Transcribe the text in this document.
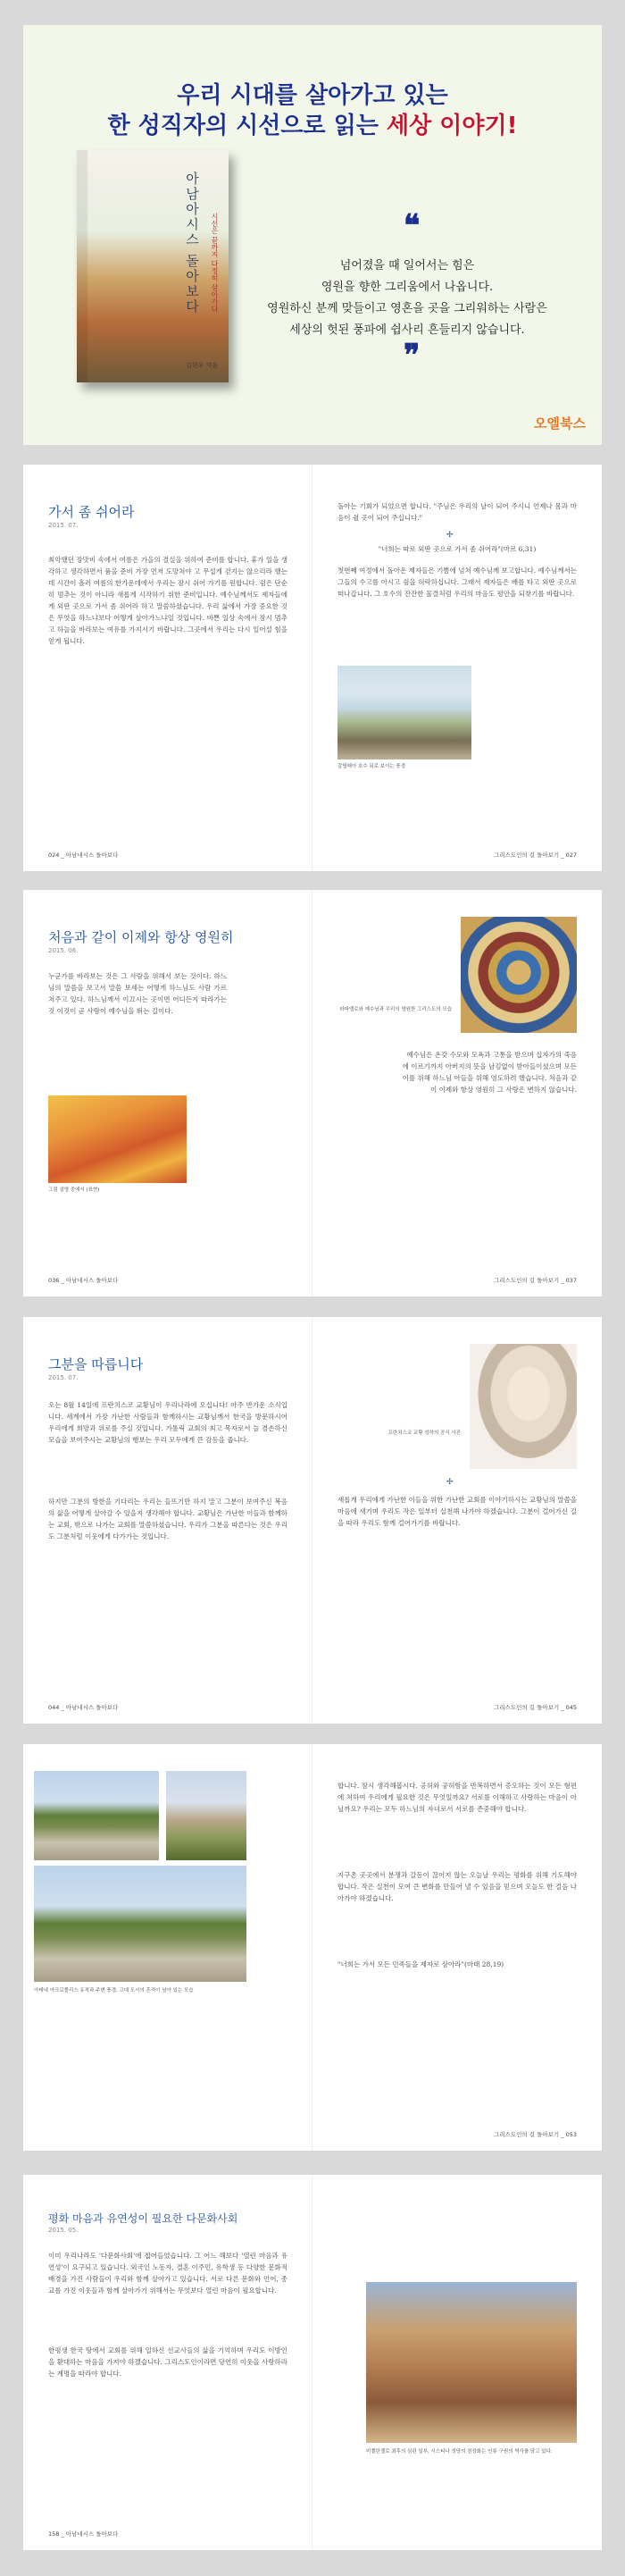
우리 시대를 살아가고 있는
한 성직자의 시선으로 읽는 세상 이야기!
아남아시스 돌아보다 시선은 끝까지 다정히 살아가다
김현우 지음
❝
넘어졌을 때 일어서는 힘은
영원을 향한 그리움에서 나옵니다.
영원하신 분께 맞들이고 영혼을 곳을 그리워하는 사람은
세상의 헛된 풍파에 쉽사리 흔들리지 않습니다.
❞
오엘북스
가서 좀 쉬어라
2015. 07.
최악했던 장맛비 속에서 여름은 가을의 결실을 위하여 준비를 합니다. 휴가 일을 생각하고 생각하면서 품을 준비 가장 먼저 도망쳐야 고 무섭게 걷지는 않으리라 했는데 시간이 흘러 여름의 한가운데에서 우리는 잠시 쉬어 가기를 원합니다. 쉼은 단순히 멈추는 것이 아니라 새롭게 시작하기 위한 준비입니다. 예수님께서도 제자들에게 외딴 곳으로 가서 좀 쉬어라 하고 말씀하셨습니다. 우리 삶에서 가장 중요한 것은 무엇을 하느냐보다 어떻게 살아가느냐일 것입니다. 바쁜 일상 속에서 잠시 멈추고 하늘을 바라보는 여유를 가지시기 바랍니다. 그곳에서 우리는 다시 일어설 힘을 얻게 됩니다.
024 _ 아남네시스 돌아보다
돌아는 기회가 되었으면 합니다. "주님은 우리의 날이 되어 주시니 언제나 몸과 마음이 쉴 곳이 되어 주십니다."
✢
"너희는 따로 외딴 곳으로 가서 좀 쉬어라"(마르 6,31)
첫번째 여정에서 돌아온 제자들은 기쁨에 넘쳐 예수님께 보고합니다. 예수님께서는 그들의 수고를 아시고 쉼을 허락하십니다. 그래서 제자들은 배를 타고 외딴 곳으로 떠나갑니다. 그 호수의 잔잔한 물결처럼 우리의 마음도 평안을 되찾기를 바랍니다.
갈릴래아 호수 뒤로 보이는 풍경
그리스도인의 길 돌아보기 _ 027
처음과 같이 이제와 항상 영원히
2015. 06.
누군가를 바라보는 것은 그 사람을 위해서 보는 것이다. 하느님의 말씀을 보고서 말씀 보세는 어떻게 하느님도 사람 가르쳐주고 있다. 하느님께서 이끄시는 곳이면 어디든지 따라가는 것 이것이 곧 사랑이 예수님을 뛰는 길이다.
그림 설명 중에서 (표현)
036 _ 아남네시스 돌아보다
라파엘로와 예수님과 우리의 영원한 그리스도의 모습
예수님은 온갖 수모와 모욕과 고통을 받으며 십자가의 죽음에 이르기까지 아버지의 뜻을 남김없이 받아들이셨으며 모든 이를 위해 하느님 아들을 위해 영도하려 했습니다. 처음과 같이 이제와 항상 영원히 그 사랑은 변하지 않습니다.
그리스도인의 길 돌아보기 _ 037
그분을 따릅니다
2015. 07.
오는 8월 14일에 프란치스코 교황님이 우리나라에 오십니다! 아주 반가운 소식입니다. 세계에서 가장 가난한 사람들과 함께하시는 교황님께서 한국을 방문하시어 우리에게 희망과 위로를 주실 것입니다. 가톨릭 교회의 최고 목자로서 늘 겸손하신 모습을 보여주시는 교황님의 행보는 우리 모두에게 큰 감동을 줍니다.
하지만 그분의 방한을 기다리는 우리는 들뜨기만 하지 말고 그분이 보여주신 복음의 삶을 어떻게 살아갈 수 있을지 생각해야 합니다. 교황님은 가난한 이들과 함께하는 교회, 밖으로 나가는 교회를 말씀하셨습니다. 우리가 그분을 따른다는 것은 우리도 그분처럼 이웃에게 다가가는 것입니다.
044 _ 아남네시스 돌아보다
프란치스코 교황 성하의 공식 사진
✢
새롭게 우리에게 가난한 이들을 위한 가난한 교회를 이야기하시는 교황님의 말씀을 마음에 새기며 우리도 작은 일부터 실천해 나가야 하겠습니다. 그분이 걸어가신 길을 따라 우리도 함께 걸어가기를 바랍니다.
그리스도인의 길 돌아보기 _ 045
아테네 아크로폴리스 유적과 주변 풍경, 고대 도시의 흔적이 남아 있는 모습
합니다. 잠시 생각해봅시다. 공허와 공허함을 반복하면서 증오하는 것이 모든 형편에 처하여 우리에게 필요한 것은 무엇일까요? 서로를 이해하고 사랑하는 마음이 아닐까요? 우리는 모두 하느님의 자녀로서 서로를 존중해야 합니다.
지구촌 곳곳에서 분쟁과 갈등이 끊이지 않는 오늘날 우리는 평화를 위해 기도해야 합니다. 작은 실천이 모여 큰 변화를 만들어 낼 수 있음을 믿으며 오늘도 한 걸음 나아가야 하겠습니다.
"너희는 가서 모든 민족들을 제자로 삼아라"(마태 28,19)
그리스도인의 길 돌아보기 _ 053
평화 마음과 유연성이 필요한 다문화사회
2015. 05.
이미 우리나라도 '다문화사회'에 접어들었습니다. 그 어느 해보다 '열린 마음과 유연성'이 요구되고 있습니다. 외국인 노동자, 결혼 이주민, 유학생 등 다양한 문화적 배경을 가진 사람들이 우리와 함께 살아가고 있습니다. 서로 다른 문화와 언어, 종교를 가진 이웃들과 함께 살아가기 위해서는 무엇보다 열린 마음이 필요합니다.
한평생 한국 땅에서 교회를 위해 일하신 선교사들의 삶을 기억하며 우리도 이방인을 환대하는 마음을 가져야 하겠습니다. 그리스도인이라면 당연히 이웃을 사랑하라는 계명을 따라야 합니다.
158 _ 아남네시스 돌아보다
미켈란젤로 최후의 심판 일부, 시스티나 성당의 천장화는 인류 구원의 역사를 담고 있다.
